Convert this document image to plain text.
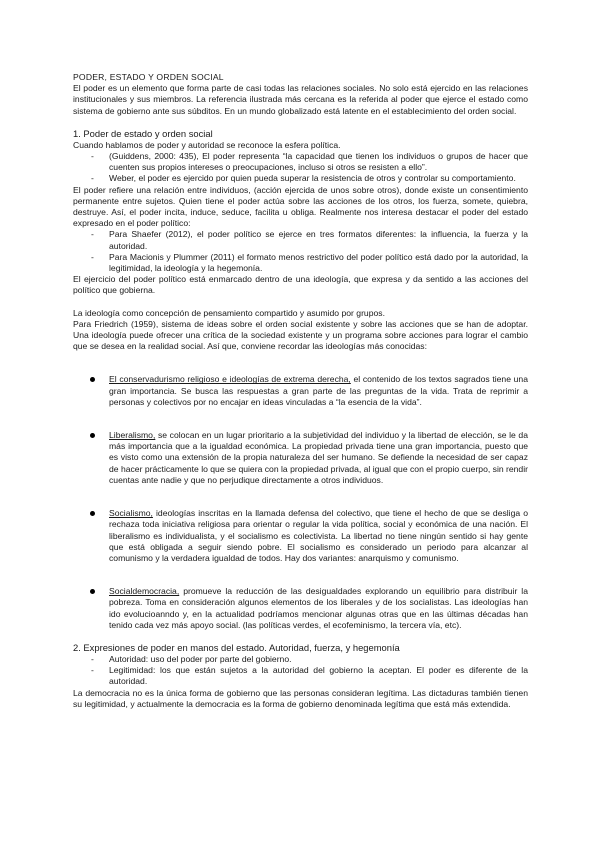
PODER, ESTADO Y ORDEN SOCIAL

El poder es un elemento que forma parte de casi todas las relaciones sociales. No solo está ejercido en las relaciones institucionales y sus miembros. La referencia ilustrada más cercana es la referida al poder que ejerce el estado como sistema de gobierno ante sus súbditos. En un mundo globalizado está latente en el establecimiento del orden social.

1. Poder de estado y orden social

Cuando hablamos de poder y autoridad se reconoce la esfera política.

- (Guiddens, 2000: 435), El poder representa “la capacidad que tienen los individuos o grupos de hacer que cuenten sus propios intereses o preocupaciones, incluso si otros se resisten a ello”.
- Weber, el poder es ejercido por quien pueda superar la resistencia de otros y controlar su comportamiento.

El poder refiere una relación entre individuos, (acción ejercida de unos sobre otros), donde existe un consentimiento permanente entre sujetos. Quien tiene el poder actúa sobre las acciones de los otros, los fuerza, somete, quiebra, destruye. Así, el poder incita, induce, seduce, facilita u obliga. Realmente nos interesa destacar el poder del estado expresado en el poder político:

- Para Shaefer (2012), el poder político se ejerce en tres formatos diferentes: la influencia, la fuerza y la autoridad.
- Para Macionis y Plummer (2011) el formato menos restrictivo del poder político está dado por la autoridad, la legitimidad, la ideología y la hegemonía.

El ejercicio del poder político está enmarcado dentro de una ideología, que expresa y da sentido a las acciones del político que gobierna.

La ideología como concepción de pensamiento compartido y asumido por grupos.

Para Friedrich (1959), sistema de ideas sobre el orden social existente y sobre las acciones que se han de adoptar. Una ideología puede ofrecer una crítica de la sociedad existente y un programa sobre acciones para lograr el cambio que se desea en la realidad social. Así que, conviene recordar las ideologías más conocidas:

El conservadurismo religioso e ideologías de extrema derecha, el contenido de los textos sagrados tiene una gran importancia. Se busca las respuestas a gran parte de las preguntas de la vida. Trata de reprimir a personas y colectivos por no encajar en ideas vinculadas a “la esencia de la vida”.
Liberalismo, se colocan en un lugar prioritario a la subjetividad del individuo y la libertad de elección, se le da más importancia que a la igualdad económica. La propiedad privada tiene una gran importancia, puesto que es visto como una extensión de la propia naturaleza del ser humano. Se defiende la necesidad de ser capaz de hacer prácticamente lo que se quiera con la propiedad privada, al igual que con el propio cuerpo, sin rendir cuentas ante nadie y que no perjudique directamente a otros individuos.
Socialismo, ideologías inscritas en la llamada defensa del colectivo, que tiene el hecho de que se desliga o rechaza toda iniciativa religiosa para orientar o regular la vida política, social y económica de una nación. El liberalismo es individualista, y el socialismo es colectivista. La libertad no tiene ningún sentido si hay gente que está obligada a seguir siendo pobre. El socialismo es considerado un periodo para alcanzar al comunismo y la verdadera igualdad de todos. Hay dos variantes: anarquismo y comunismo.
Socialdemocracia, promueve la reducción de las desigualdades explorando un equilibrio para distribuir la pobreza. Toma en consideración algunos elementos de los liberales y de los socialistas. Las ideologías han ido evolucioanndo y, en la actualidad podríamos mencionar algunas otras que en las últimas décadas han tenido cada vez más apoyo social. (las políticas verdes, el ecofeminismo, la tercera vía, etc).

2. Expresiones de poder en manos del estado. Autoridad, fuerza, y hegemonía

- Autoridad: uso del poder por parte del gobierno.
- Legitimidad: los que están sujetos a la autoridad del gobierno la aceptan. El poder es diferente de la autoridad.

La democracia no es la única forma de gobierno que las personas consideran legítima. Las dictaduras también tienen su legitimidad, y actualmente la democracia es la forma de gobierno denominada legítima que está más extendida.
